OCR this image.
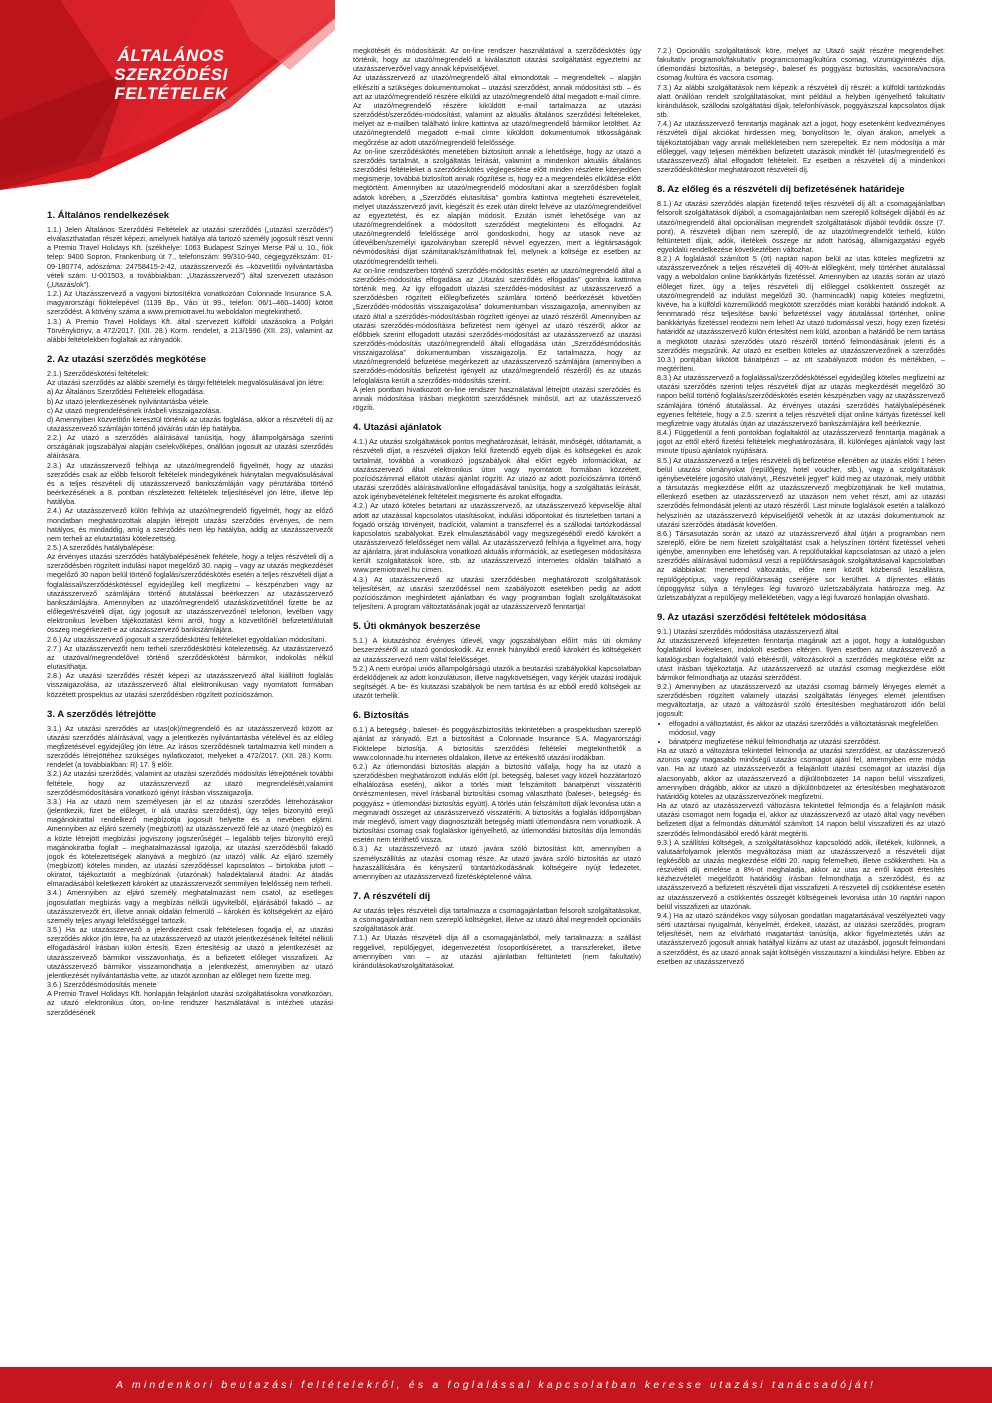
ÁLTALÁNOS
SZERZŐDÉSI
FELTÉTELEK
1. Általános rendelkezések

1.1.) Jelen Általános Szerződési Feltételek az utazási szerződés („utazási szerződés”) elválaszthatatlan részét képezi, amelynek hatálya alá tartozó személy jogosult részt venni a Premio Travel Holidays Kft. (székhelye: 1063 Budapest Szinyei Merse Pál u. 10., fiók telep: 9400 Sopron, Frankenburg út 7., telefonszám: 99/310-940, cégjegyzékszám: 01-09-180774, adószáma: 24758415-2-42, utazásszervezői és –közvetítői nyilvántartásba vételi szám: U-001503, a továbbiakban: „Utazásszervező”) által szervezett utazáson („Utazás/ok”).

1.2.) Az Utazásszervező a vagyoni biztosítékra vonatkozóan Colonnade Insurance S.A. magyarországi fióktelepével (1139 Bp., Váci út 99., telefon: 06/1–460–1400) kötött szerződést. A kötvény száma a www.premiotravel.hu weboldalon megtekinthető.

1.3.) A Premio Travel Holidays Kft. által szervezett külföldi utazásokra a Polgári Törvénykönyv, a 472/2017. (XII. 28.) Korm. rendelet, a 213/1996 (XII. 23), valamint az alábbi feltételekben foglaltak az irányadók.

2. Az utazási szerződés megkötése

2.1.) Szerződéskötési feltételek:

Az utazási szerződés az alábbi személyi és tárgyi feltételek megvalósulásával jön létre:

a) Az Általános Szerződési Feltételek elfogadása.

b) Az utazó jelentkezésének nyilvántartásba vétele.

c) Az utazó megrendelésének írásbeli visszaigazolása.

d) Amennyiben közvetítőn keresztül történik az utazás foglalása, akkor a részvételi díj az utazásszervező számláján történő jóváírás után lép hatályba.

2.2.) Az utazó a szerződés aláírásával tanúsítja, hogy állampolgársága szerinti országának jogszabályai alapján cselekvőképes, önállóan jogosult az utazási szerződés aláírására.

2.3.) Az utazásszervező felhívja az utazó/megrendelő figyelmét, hogy az utazási szerződés csak az előbb felsorolt feltételek mindegyikének hiánytalan megvalósulásával és a teljes részvételi díj utazásszervező bankszámláján vagy pénztárába történő beérkezésének a 8. pontban részletezett feltételek teljesítésével jön létre, illetve lép hatályba.

2.4.) Az utazásszervező külön felhívja az utazó/megrendelő figyelmét, hogy az előző mondatban meghatározottak alapján létrejött utazási szerződés érvényes, de nem hatályos, és mindaddig, amíg a szerződés nem lép hatályba, addig az utazásszervezőt nem terheli az elutaztatási kötelezettség.

2.5.) A szerződés hatálybalépése:

Az érvényes utazási szerződés hatálybalépésének feltétele, hogy a teljes részvételi díj a szerződésben rögzített indulási napot megelőző 30. napig – vagy az utazás megkezdését megelőző 30 napon belül történő foglalás/szerződéskötés esetén a teljes részvételi díjat a foglalással/szerződéskötéssel egyidejűleg kell megfizetni – készpénzben vagy az utazásszervező számlájára történő átutalással beérkezzen az utazásszervező bankszámlájára. Amennyiben az utazó/megrendelő utazásközvetítőnél fizette be az előleget/részvételi díjat, úgy jogosult az utazásszervezőnél telefonon, levélben vagy elektronikus levélben tájékoztatást kérni arról, hogy a közvetítőnél befizetett/átutalt összeg megérkezett-e az utazásszervező bankszámlájára.

2.6.) Az utazásszervező jogosult a szerződéskötési feltételeket egyoldalúan módosítani.

2.7.) Az utazásszervezőt nem terheli szerződéskötési kötelezettség. Az utazásszervező az utazóval/megrendelővel történő szerződéskötést bármikor, indokolás nélkül elutasíthatja.

2.8.) Az utazási szerződés részét képezi az utazásszervező által kiállított foglalás visszaigazolása, az utazásszervező által elektronikusan vagy nyomtatott formában közzétett prospektus az utazási szerződésben rögzített pozíciószámon.

3. A szerződés létrejötte

3.1.) Az utazási szerződés az utas(ok)/megrendelő és az utazásszervező között az utazási szerződés aláírásával, vagy a jelentkezés nyilvántartásba vételével és az előleg megfizetésével egyidejűleg jön létre. Az írásos szerződésnek tartalmaznia kell minden a szerződés létrejöttéhez szükséges nyilatkozatot, melyeket a 472/2017. (XII. 28.) Korm. rendelet (a továbbiakban: R) 17. § előír.

3.2.) Az utazási szerződés, valamint az utazási szerződés módosítás létrejöttének további feltétele, hogy az utazásszervező az utazó megrendelését,valamint szerződésmódosítására vonatkozó igényt írásban visszaigazolja.

3.3.) Ha az utazó nem személyesen jár el az utazási szerződés létrehozásakor (jelentkezik, fizet be előleget, ír alá utazási szerződést), úgy teljes bizonyító erejű magánokirattal rendelkező megbízottja jogosult helyette és a nevében eljárni. Amennyiben az eljáró személy (megbízott) az utazásszervező felé az utazó (megbízó) és a közte létrejött megbízási jogviszony jogszerűségét – legalább teljes bizonyító erejű magánokiratba foglalt – meghatalmazással igazolja, az utazási szerződésből fakadó jogok és kötelezettségek alanyává a megbízó (az utazó) válik. Az eljáró személy (megbízott) köteles minden, az utazási szerződéssel kapcsolatos – birtokába jutott – okiratot, tájékoztatót a megbízónak (utazónak) haladéktalanul átadni. Az átadás elmaradásából keletkezett károkért az utazásszervezőt semmilyen felelősség nem terheli.

3.4.) Amennyiben az eljáró személy meghatalmazást nem csatol, az esetleges jogosulatlan megbízás vagy a megbízás nélküli ügyvitelből, eljárásából fakadó – az utazásszervezőt ért, illetve annak oldalán felmerülő – károkért és költségekért az eljáró személy teljes anyagi felelősséggel tartozik.

3.5.) Ha az utazásszervező a jelentkezést csak feltételesen fogadja el, az utazási szerződés akkor jön létre, ha az utazásszervező az utazót jelentkezésének feltétel nélküli elfogadásáról írásban külön értesíti. Ezen értesítésig az utazó a jelentkezését az utazásszervező bármikor visszavonhatja, és a befizetett előleget visszafizeti. Az utazásszervező bármikor visszamondhatja a jelentkezést, amennyiben az utazó jelentkezését nyilvántartásba vette, az utazót azonban az előleget nem fizette meg.

3.6.) Szerződésmódosítás menete

A Premio Travel Holidays Kft. honlapján felajánlott utazási szolgáltatásokra vonatkozóan, az utazó elektronikus úton, on-line rendszer használatával is intézheti utazási szerződésének

megkötését és módosítását. Az on-line rendszer használatával a szerződéskötés úgy történik, hogy az utazó/megrendelő a kiválasztott utazási szolgáltatást egyeztetni az utazásszervezővel vagy annak képviselőjével.

Az utazásszervező az utazó/megrendelő által elmondottak – megrendeltek – alapján elkészíti a szükséges dokumentumokat – utazási szerződést, annak módosítást stb. – és azt az utazó/megrendelő részére elküldi az utazó/megrendelő által megadott e-mail címre. Az utazó/megrendelő részére kiküldött e-mail tartalmazza az utazási szerződést/szerződés-módosítást, valamint az aktuális általános szerződési feltételeket, melyet az e-mailben található linkre kattintva az utazó/megrendelő bármikor letölthet. Az utazó/megrendelő megadott e-mail címre kiküldött dokumentumok titkosságának megőrzése az adott utazó/megrendelő felelőssége.

Az on-line szerződéskötés menetében biztosított annak a lehetősége, hogy az utazó a szerződés tartalmát, a szolgáltatás leírását, valamint a mindenkori aktuális általános szerződési feltételeket a szerződéskötés véglegesítése előtt minden részletre kiterjedően megismerje, továbbá biztosított annak rögzítése is, hogy ez a megrendelés elküldése előtt megtörtént. Amennyiben az utazó/megrendelő módosítani akar a szerződésben foglalt adatok körében, a „Szerződés elutasítása” gombra kattintva megteheti észrevételeit, melyet utazásszervező javít, kiegészít és ezek után direkt felvéve az utazó/megrendelővel az egyeztetést, és ez alapján módosít. Ezután ismét lehetősége van az utazó/megrendelőnek a módosított szerződést megtekinteni és elfogadni. Az utazó/megrendelő felelőssége arról gondoskodni, hogy az utasok neve az útlevélben/személyi igazolványban szereplő névvel egyezzen, mert a légitársaságok névmódosítási díjat számítanak/számíthatnak fel, melynek a költsége ez esetben az utazót/megrendelőt terheli.

Az on-line rendszerben történő szerződés-módosítás esetén az utazó/megrendelő által a szerződés-módosítás elfogadása az „Utazási szerződés elfogadás” gombra kattintva történik meg. Az így elfogadott utazási szerződés-módosítást az utazásszervező a szerződésben rögzített előleg/befizetés számlára történő beérkezését követően „Szerződés-módosítás visszaigazolása” dokumentumban visszaigazolja, amennyiben az utazó által a szerződés-módosításban rögzített igényei az utazó részéről. Amennyiben az utazási szerződés-módosításra befizetést nem igényel az utazó részéről, akkor az előbbiek szerint elfogadott utazási szerződés-módosítást az utazásszervező az utazási szerződés-módosítás utazó/megrendelő általi elfogadása után „Szerződésmódosítás visszaigazolása” dokumentumban visszaigazolja. Ez tartalmazza, hogy az utazó/megrendelő befizetése megérkezett az utazásszervező számlájára (amennyiben a szerződés-módosítás befizetést igényelt az utazó/megrendelő részéről) és az utazás lefoglalásra került a szerződés-módosítás szerint.

A jelen pontban hivatkozott on-line rendszer használatával létrejött utazási szerződés és annak módosítása írásban megkötött szerződésnek minősül, azt az utazásszervező rögzíti.

4. Utazási ajánlatok

4.1.) Az utazási szolgáltatások pontos meghatározását, leírását, minőségét, időtartamát, a részvételi díjat, a részvételi díjakon felül fizetendő egyéb díjak és költségeket és azok tartalmát, továbbá a vonatkozó jogszabályok által előírt egyéb információkat, az utazásszervező által elektronikus úton vagy nyomtatott formában közzétett, pozíciószámmal ellátott utazási ajánlat rögzíti. Az utazó az adott pozíciószámra történő utazási szerződés aláírásával/online elfogadásával tanúsítja, hogy a szolgáltatás leírását, azok igénybevételének feltételeit megismerte és azokat elfogadta.

4.2.) Az utazó köteles betartani az utazásszervező, az utazásszervező képviselője által adott az utazással kapcsolatos utasításokat, indulási időpontokat és tiszteletben tartani a fogadó ország törvényeit, tradícióit, valamint a transzferrel és a szállodai tartózkodással kapcsolatos szabályokat. Ezek elmulasztásából vagy megszegéséből eredő károkért a utazásszervező felelősséget nem vállal. Az utazásszervező felhívja a figyelmet arra, hogy az ajánlatra, járat indulásokra vonatkozó aktuális információk, az esetlegesen módosításra került szolgáltatások köre, stb. az utazásszervező internetes oldalán található a www.premiotravel.hu címen.

4.3.) Az utazásszervező az utazási szerződésben meghatározott szolgáltatások teljesítésért, az utazási szerződéssel nem szabályozott esetekben pedig az adott pozíciószámon meghirdetett ajánlatban és vagy programban foglalt szolgáltatásokat teljesíteni. A program változtatásának jogát az utazásszervező fenntartja!

5. Úti okmányok beszerzése

5.1.) A kiutazáshoz érvényes útlevél, vagy jogszabályban előírt más úti okmány beszerzéséről az utazó gondoskodik. Az ennek hiányából eredő károkért és költségekért az utazásszervező nem vállal felelősséget.

5.2.) A nem európai uniós állampolgárságú utazók a beutazási szabályokkal kapcsolatban érdeklődjenek az adott konzulátuson, illetve nagykövetségen, vagy kérjék utazási irodájuk segítségét. A be- és kiutazási szabályok be nem tartása és az ebből eredő költségek az utazót terhelik.

6. Biztosítás

6.1.) A betegség-, baleset- és poggyászbiztosítás tekintetében a prospektusban szereplő ajánlat az irányadó. Ezt a biztosítást a Colonnade Insurance S.A. Magyarországi Fióktelepe biztosítja. A biztosítás szerződési feltételei megtekinthetők a www.colonnade.hu internetes oldalakon, illetve az értékesítő utazási irodákban.

6.2.) Az útlemondási biztosítás alapján a biztosító vállalja, hogy ha az utazó a szerződésben meghatározott indulás előtt (pl. betegség, baleset vagy közeli hozzátartozó elhalálozása esetén), akkor a törlés miatt felszámított bánatpénzt visszatéríti önrészmentesen, mivel írásbanál biztosítási csomag választható (baleset-, betegség- és poggyász + útlemondási biztosítás együtt). A törlés után felszámított díjak levonása után a megmaradt összeget az utazásszervező visszatéríti. A biztosítás a foglalás időpontjában már meglévő, ismert vagy diagnosztizált betegség miatti útlemondásra nem vonatkozik. A biztosítási csomag csak foglaláskor igényelhető, az útlemondási biztosítás díja lemondás esetén nem téríthető vissza.

6.3.) Az utazásszervező az utazó javára szóló biztosítást köt, amennyiben a személyszállítás az utazási csomag része. Az utazó javára szóló biztosítás az utazó hazaszállítására és kényszerű tüntartózkodásának költségeire nyújt fedezetet, amennyiben az utazásszervező fizetésképtelenné válna.

7. A részvételi díj

Az utazás teljes részvételi díja tartalmazza a csomagajánlatban felsorolt szolgáltatásokat, a csomagajánlatban nem szereplő költségeket, illetve az utazó által megrendelt opcionális szolgáltatások árát.

7.1.) Az Utazás részvételi díja áll a csomagajánlatból, mely tartalmazza: a szállást reggelivel, repülőjegyet, idegenvezetést /csoportkíséretet, a transzfereket, illetve amennyiben van – az utazási ajánlatban feltüntetett (nem fakultatív) kirándulásokat/szolgáltatásokat.

7.2.) Opcionális szolgáltatások köre, melyet az Utazó saját részére megrendelhet: fakultatív programok/fakultatív programcsomag/kultúra csomag, vízumügyintézés díja, útlemondási biztosítás, a betegség-, baleset és poggyász biztosítás, vacsora/vacsora csomag /kultúra és vacsora csomag.

7.3.) Az alábbi szolgáltatások nem képezik a részvételi díj részét: a külföldi tartózkodás alatt önállóan rendelt szolgáltatásokat, mint például a helyben igényelhető fakultatív kirándulások, szállodai szolgáltatási díjak, telefonhívások, poggyászszal kapcsolatos díjak stb.

7.4.) Az utazásszervező fenntartja magának azt a jogot, hogy esetenként kedvezményes részvételi díjjal akciókat hirdessen meg, bonyolítson le, olyan árakon, amelyek a tájékoztatójában vagy annak mellékleteiben nem szerepeltek. Ez nem módosítja a már előleggel, vagy teljesen mértékben befizetett utazások mindkét fél (utas/megrendelő és utazásszervező) által elfogadott feltételeit. Ez esetben a részvételi díj a mindenkori szerződéskötéskor meghatározott részvételi díj.

8. Az előleg és a részvételi díj befizetésének határideje

8.1.) Az utazási szerződés alapján fizetendő teljes részvételi díj áll: a csomagajánlatban felsorolt szolgáltatások díjából, a csomagajánlatban nem szereplő költségek díjából és az utazó/megrendelő által opcionálisan megrendelt szolgáltatások díjából tevődik össze (7. pont). A részvételi díjban nem szereplő, de az utazót/megrendelőt terhelő, külön feltüntetett díjak, adók, illetékek összege az adott hatóság, államigazgatási egyéb egyoldalú rendelkezése következtében változhat.

8.2.) A foglalástól számított 5 (öt) naptári napon belül az utas köteles megfizetni az utazásszervezőnek a teljes részvételi díj 40%-át előlegként, mely történhet átutalással vagy a weboldalon online bankkártyás fizetéssel. Amennyiben az utazás során az utazó előleget fizet, úgy a teljes részvételi díj előleggel csökkentett összegét az utazó/megrendelő az indulást megelőző 30. (harmincadik) napig köteles megfizetni, kivéve, ha a külföldi közreműködő megkötött szerződés miatt korábbi határidő indokolt. A fennmaradó rész teljesítése banki befizetéssel vagy átutalással történhet, online bankkártyás fizetéssel rendezni nem lehet! Az utazó tudomással veszi, hogy ezen fizetési határidőt az utazásszervező külön értesítést nem küld, azonban a határidő be nem tartása a megkötött utazási szerződés utazó részéről történő felmondásának jelenti és a szerződés megszűnik. Az utazó ez esetben köteles az utazásszervezőnek a szerződés 10.3.) pontjában kikötött bánatpénzt – az ott szabályozott módon és mértékben, – megtéríteni.

8.3.) Az utazásszervező a foglalással/szerződéskötéssel egyidejűleg köteles megfizetni az utazási szerződés szerinti teljes részvételi díjat az utazás megkezdését megelőző 30 napon belül történő foglalás/szerződéskötés esetén készpénzben vagy az utazásszervező számlájára történő átutalással. Az érvényes utazási szerződés hatálybalépésének egyenes feltétele, hogy a 2.5. szerint a teljes részvételi díjat online kártyás fizetéssel kell megfizetnie vagy átutalás útján az utazásszervező bankszámlájára kell beérkeznie.

8.4.) Függetlenül a fenti pontokban foglaltaktól az utazásszervező fenntartja magának a jogot az ettől eltérő fizetési feltételek meghatározására, ill. különleges ajánlatok vagy last minute típusú ajánlatok nyújtására.

8.5.) Az utazásszervező a teljes részvételi díj befizetése ellenében az utazás előtti 1 héten belül utazási okmányokat (repülőjegy, hotel voucher, stb.), vagy a szolgáltatások igénybevételére jogosító utalványt, „Részvételi jegyet” küld meg az utazónak, mely utóbbit a társutazás megkezdése előtt az utazásszervező megbízottjának be kell mutatnia, ellenkező esetben az utazásszervező az utazáson nem vehet részt, ami az utazási szerződés felmondását jelenti az utazó részéről. Last minute foglalások esetén a találkozó helyszínén az utazásszervező képviselőjétől vehetők át az utazási dokumentumok az utazási szerződés átadását követően.

8.6.) Társasutazás során az utazó az utazásszervező által útján a programban nem szereplő, előre be nem fizetett szolgáltatást csak a helyszínen történt fizetéssel veheti igénybe, amennyiben erre lehetőség van. A repülőutakkal kapcsolatosan az utazó a jelen szerződés aláírásával tudomásul veszi a repülőtársaságok szolgáltatásaival kapcsolatban az alábbiakat: menetrend változatás, előre nem közölt közbenső leszállásra, repülőgéptípus, vagy repülőtársaság cseréjére sor kerülhet. A díjmentes ellátás útipoggyász súlya a tényleges légi fuvarozó üzletszabályzata határozza meg. Az üzletszabályzat a repülőjegy mellékletében, vagy a légi fuvarozó honlapján olvasható.

9. Az utazási szerződési feltételek módosítása

9.1.) Utazási szerződés módosítása utazásszervező által

Az utazásszervező kifejezetten fenntartja magának azt a jogot, hogy a katalógusban foglaltaktól kivételesen, indokolt esetben eltérjen. Ilyen esetben az utazásszervező a katalógusban foglaltaktól való eltérésről, változásokról a szerződés megkötése előtt az utast írásban tájékoztatja. Az utazásszervező az utazási csomag megkezdése előtt bármikor felmondhatja az utazási szerződést.

9.2.) Amennyiben az utazásszervező az utazási csomag bármely lényeges elemét a szerződésben rögzített valamely utazási szolgáltatás lényeges elemét jelentősen megváltoztatja, az utazó a változásról szóló értesítésben meghatározott időn belül jogosult:

• elfogadni a változtatást, és akkor az utazási szerződés a változtatásnak megfelelően módosul, vagy
• bánatpénz megfizetése nélkül felmondhatja az utazási szerződést.

Ha az utazó a változásra tekintettel felmondja az utazási szerződést, az utazásszervező azonos vagy magasabb minőségű utazási csomagot ajánl fel, amennyiben erre módja van. Ha az utazó az utazásszervezőt a felajánlott utazási csomagot az utazási díja alacsonyabb, akkor az utazásszervező a díjkülönbözetet 14 napon belül visszafizeti, amennyiben drágább, akkor az utazó a díjkülönbözetet az értesítésben meghatározott határidőig köteles az utazásszervezőnek megfizetni.

Ha az utazó az utazásszervező változásra tekintettel felmondja és a felajánlott másik utazási csomagot nem fogadja el, akkor az utazásszervező az utazó által vagy nevében befizetett díjat a felmondás dátumától számított 14 napon belül visszafizeti és az utazó szerződés felmondásából eredő kárát megtéríti.

9.3.) A szállítási költségek, a szolgáltatásokhoz kapcsolódó adók, illetékek, különnek, a valutaárfolyamok jelentős megváltozása miatt az utazásszervező a részvételi díjat legkésőbb az utazás megkezdése előtti 20. napig felemelheti, illetve csökkentheti. Ha a részvételi díj emelése a 8%-ot meghaladja, akkor az utas az erről kapott értesítés kézhezvételét megelőzött határidőig írásban felmondhatja a szerződést, és az utazásszervező a befizetett részvételi díjat visszafizeti. A részvételi díj csökkentése esetén az utazásszervező a csökkentés összegét költségeinek levonása után 10 naptári napon belül visszafizeti az utazónak.

9.4.) Ha az utazó szándékos vagy súlyosan gondatlan magatartásával veszélyezteti vagy sérti utaztársai nyugalmát, kényelmét, érdekeit, utazást, az utazási szerződés, program teljesítését, nem az elvárható magatartást tanúsítja, akkor figyelmeztetés után az utazásszervező jogosult annak hatállyal kizárni az utast az utazásból, jogosult felmondani a szerződést, és az utazó annak saját költségén visszautazni a kiindulási helyre. Ebben az esetben az utazásszervező

A mindenkori beutazási feltételekről, és a foglalással kapcsolatban keresse utazási tanácsadóját!
